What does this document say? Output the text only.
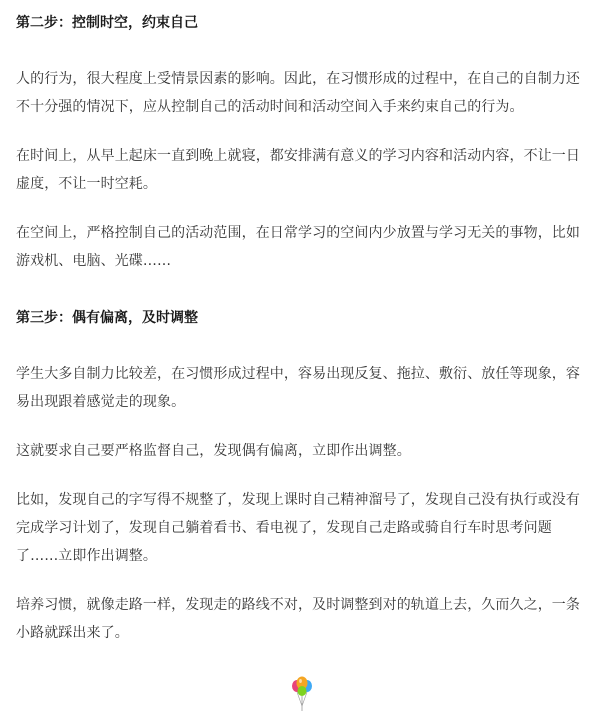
第二步：控制时空，约束自己

人的行为，很大程度上受情景因素的影响。因此，在习惯形成的过程中，在自己的自制力还不十分强的情况下，应从控制自己的活动时间和活动空间入手来约束自己的行为。

在时间上，从早上起床一直到晚上就寝，都安排满有意义的学习内容和活动内容，不让一日虚度，不让一时空耗。

在空间上，严格控制自己的活动范围，在日常学习的空间内少放置与学习无关的事物，比如游戏机、电脑、光碟……

第三步：偶有偏离，及时调整

学生大多自制力比较差，在习惯形成过程中，容易出现反复、拖拉、敷衍、放任等现象，容易出现跟着感觉走的现象。

这就要求自己要严格监督自己，发现偶有偏离，立即作出调整。

比如，发现自己的字写得不规整了，发现上课时自己精神溜号了，发现自己没有执行或没有完成学习计划了，发现自己躺着看书、看电视了，发现自己走路或骑自行车时思考问题了……立即作出调整。

培养习惯，就像走路一样，发现走的路线不对，及时调整到对的轨道上去，久而久之，一条小路就踩出来了。
